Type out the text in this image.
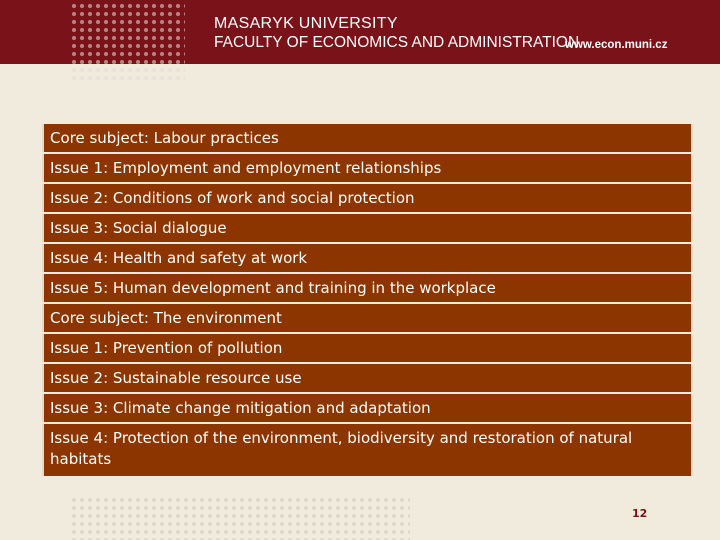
MASARYK UNIVERSITY
FACULTY OF ECONOMICS AND ADMINISTRATION
www.econ.muni.cz
Core subject: Labour practices
Issue 1: Employment and employment relationships
Issue 2: Conditions of work and social protection
Issue 3: Social dialogue
Issue 4: Health and safety at work
Issue 5: Human development and training in the workplace
Core subject: The environment
Issue 1: Prevention of pollution
Issue 2: Sustainable resource use
Issue 3: Climate change mitigation and adaptation
Issue 4: Protection of the environment, biodiversity and restoration of natural habitats
12
